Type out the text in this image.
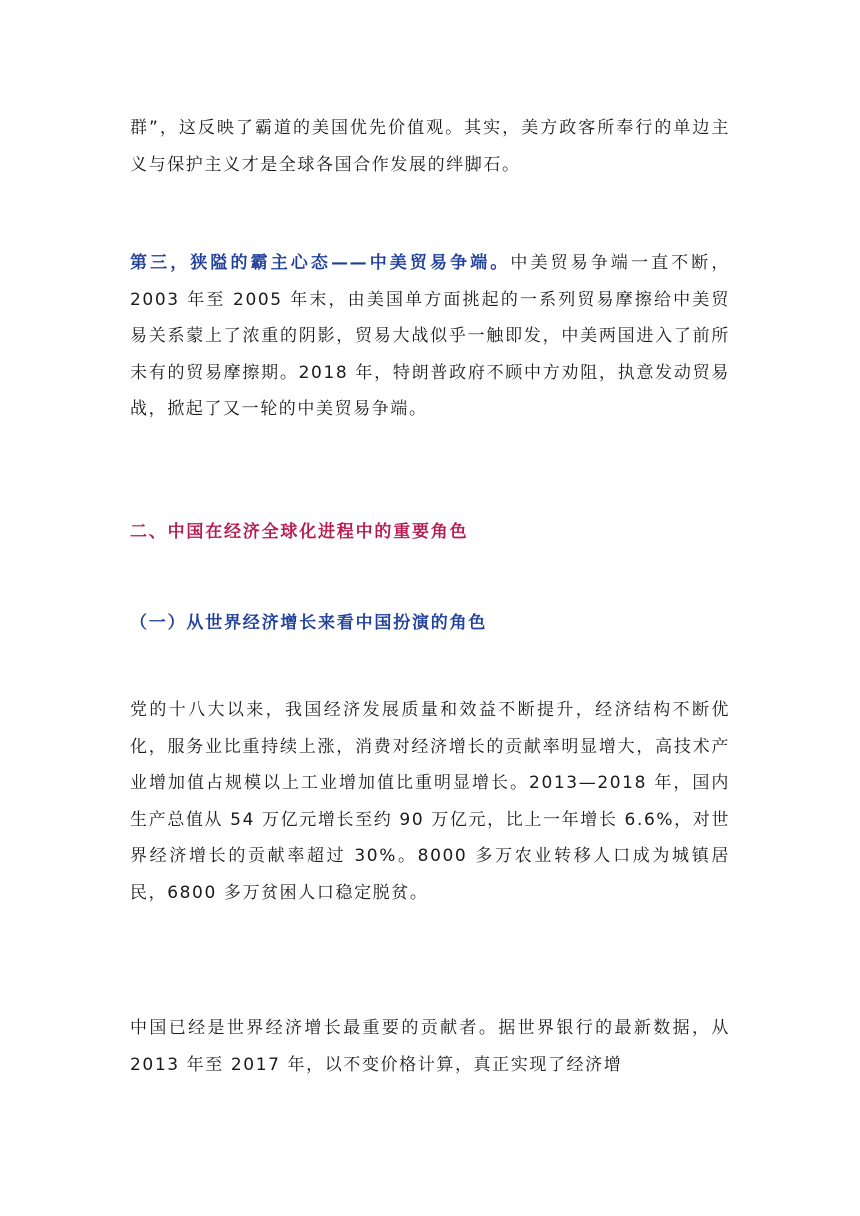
群”，这反映了霸道的美国优先价值观。其实，美方政客所奉行的单边主义与保护主义才是全球各国合作发展的绊脚石。

第三，狭隘的霸主心态——中美贸易争端。中美贸易争端一直不断，2003 年至 2005 年末，由美国单方面挑起的一系列贸易摩擦给中美贸易关系蒙上了浓重的阴影，贸易大战似乎一触即发，中美两国进入了前所未有的贸易摩擦期。2018 年，特朗普政府不顾中方劝阻，执意发动贸易战，掀起了又一轮的中美贸易争端。

二、中国在经济全球化进程中的重要角色
（一）从世界经济增长来看中国扮演的角色

党的十八大以来，我国经济发展质量和效益不断提升，经济结构不断优化，服务业比重持续上涨，消费对经济增长的贡献率明显增大，高技术产业增加值占规模以上工业增加值比重明显增长。2013—2018 年，国内生产总值从 54 万亿元增长至约 90 万亿元，比上一年增长 6.6%，对世界经济增长的贡献率超过 30%。8000 多万农业转移人口成为城镇居民，6800 多万贫困人口稳定脱贫。

中国已经是世界经济增长最重要的贡献者。据世界银行的最新数据，从 2013 年至 2017 年，以不变价格计算，真正实现了经济增
